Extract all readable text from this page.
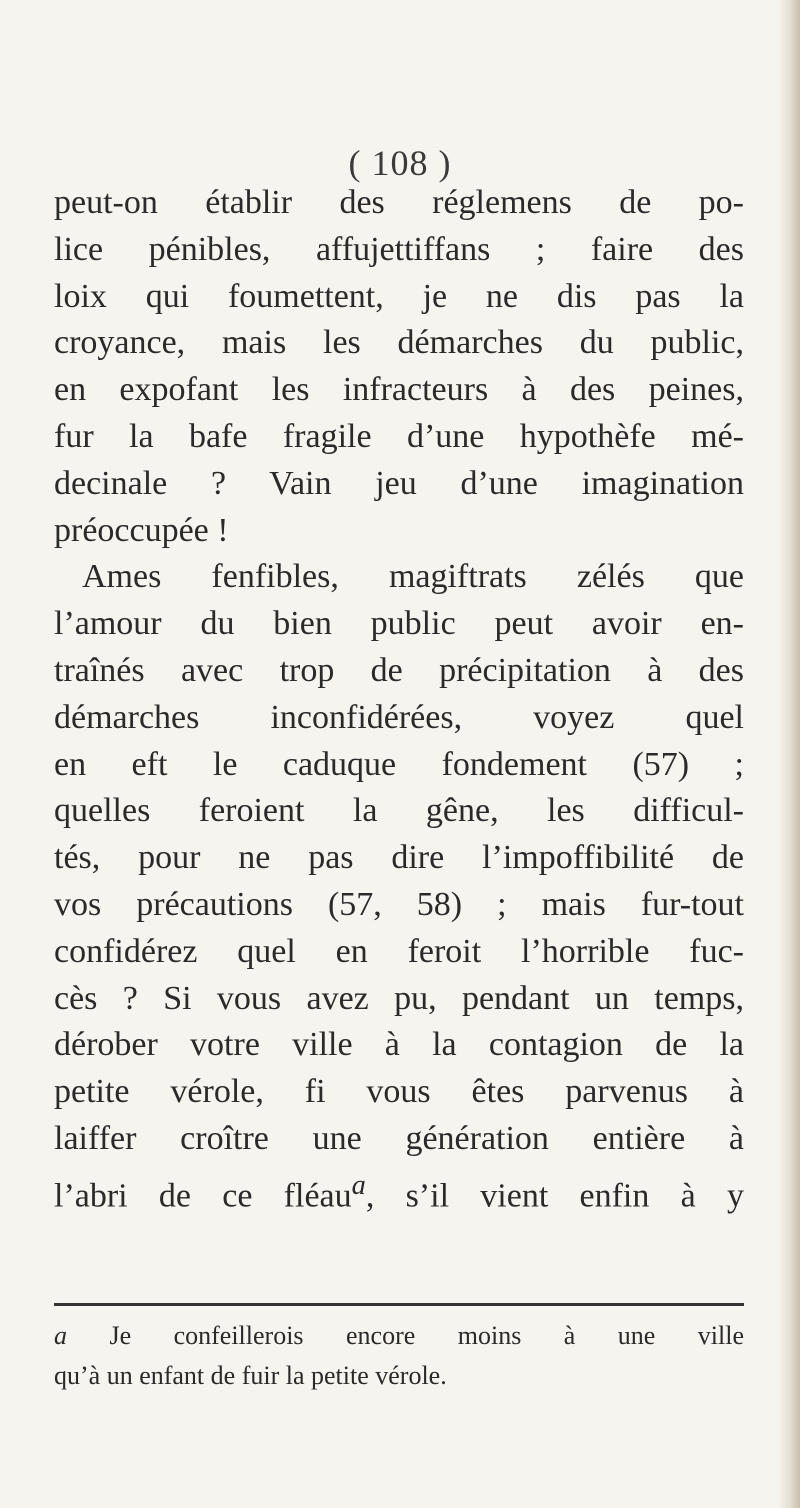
( 108 )
peut-on établir des réglemens de po-
lice pénibles, affujettiffans ; faire des
loix qui foumettent, je ne dis pas la
croyance, mais les démarches du public,
en expofant les infracteurs à des peines,
fur la bafe fragile d’une hypothèfe mé-
decinale ? Vain jeu d’une imagination
préoccupée !
Ames fenfibles, magiftrats zélés que
l’amour du bien public peut avoir en-
traînés avec trop de précipitation à des
démarches inconfidérées, voyez quel
en eft le caduque fondement (57) ;
quelles feroient la gêne, les difficul-
tés, pour ne pas dire l’impoffibilité de
vos précautions (57, 58) ; mais fur-tout
confidérez quel en feroit l’horrible fuc-
cès ? Si vous avez pu, pendant un temps,
dérober votre ville à la contagion de la
petite vérole, fi vous êtes parvenus à
laiffer croître une génération entière à
l’abri de ce fléau$^a$, s’il vient enfin à y
a Je confeillerois encore moins à une ville
qu’à un enfant de fuir la petite vérole.
